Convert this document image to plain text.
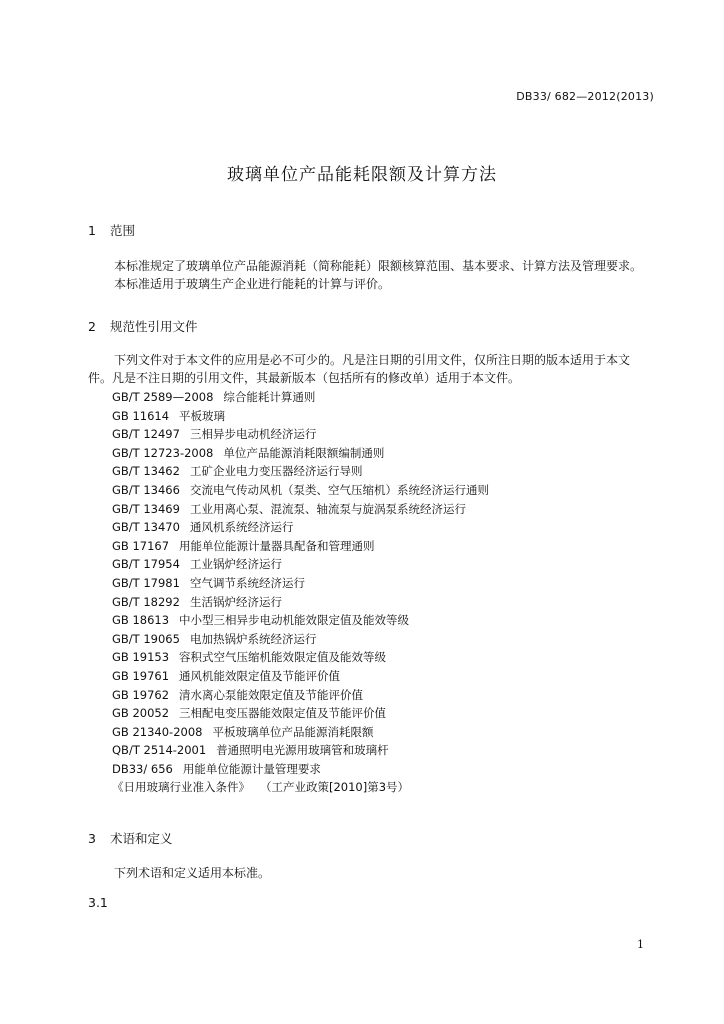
DB33/ 682—2012(2013)
玻璃单位产品能耗限额及计算方法
1 范围
本标准规定了玻璃单位产品能源消耗（简称能耗）限额核算范围、基本要求、计算方法及管理要求。
本标准适用于玻璃生产企业进行能耗的计算与评价。
2 规范性引用文件
下列文件对于本文件的应用是必不可少的。凡是注日期的引用文件，仅所注日期的版本适用于本文
件。凡是不注日期的引用文件，其最新版本（包括所有的修改单）适用于本文件。
GB/T 2589—2008 综合能耗计算通则
GB 11614 平板玻璃
GB/T 12497 三相异步电动机经济运行
GB/T 12723-2008 单位产品能源消耗限额编制通则
GB/T 13462 工矿企业电力变压器经济运行导则
GB/T 13466 交流电气传动风机（泵类、空气压缩机）系统经济运行通则
GB/T 13469 工业用离心泵、混流泵、轴流泵与旋涡泵系统经济运行
GB/T 13470 通风机系统经济运行
GB 17167 用能单位能源计量器具配备和管理通则
GB/T 17954 工业锅炉经济运行
GB/T 17981 空气调节系统经济运行
GB/T 18292 生活锅炉经济运行
GB 18613 中小型三相异步电动机能效限定值及能效等级
GB/T 19065 电加热锅炉系统经济运行
GB 19153 容积式空气压缩机能效限定值及能效等级
GB 19761 通风机能效限定值及节能评价值
GB 19762 清水离心泵能效限定值及节能评价值
GB 20052 三相配电变压器能效限定值及节能评价值
GB 21340-2008 平板玻璃单位产品能源消耗限额
QB/T 2514-2001 普通照明电光源用玻璃管和玻璃杆
DB33/ 656 用能单位能源计量管理要求
《日用玻璃行业准入条件》 （工产业政策[2010]第3号）
3 术语和定义
下列术语和定义适用本标准。
3.1
1
